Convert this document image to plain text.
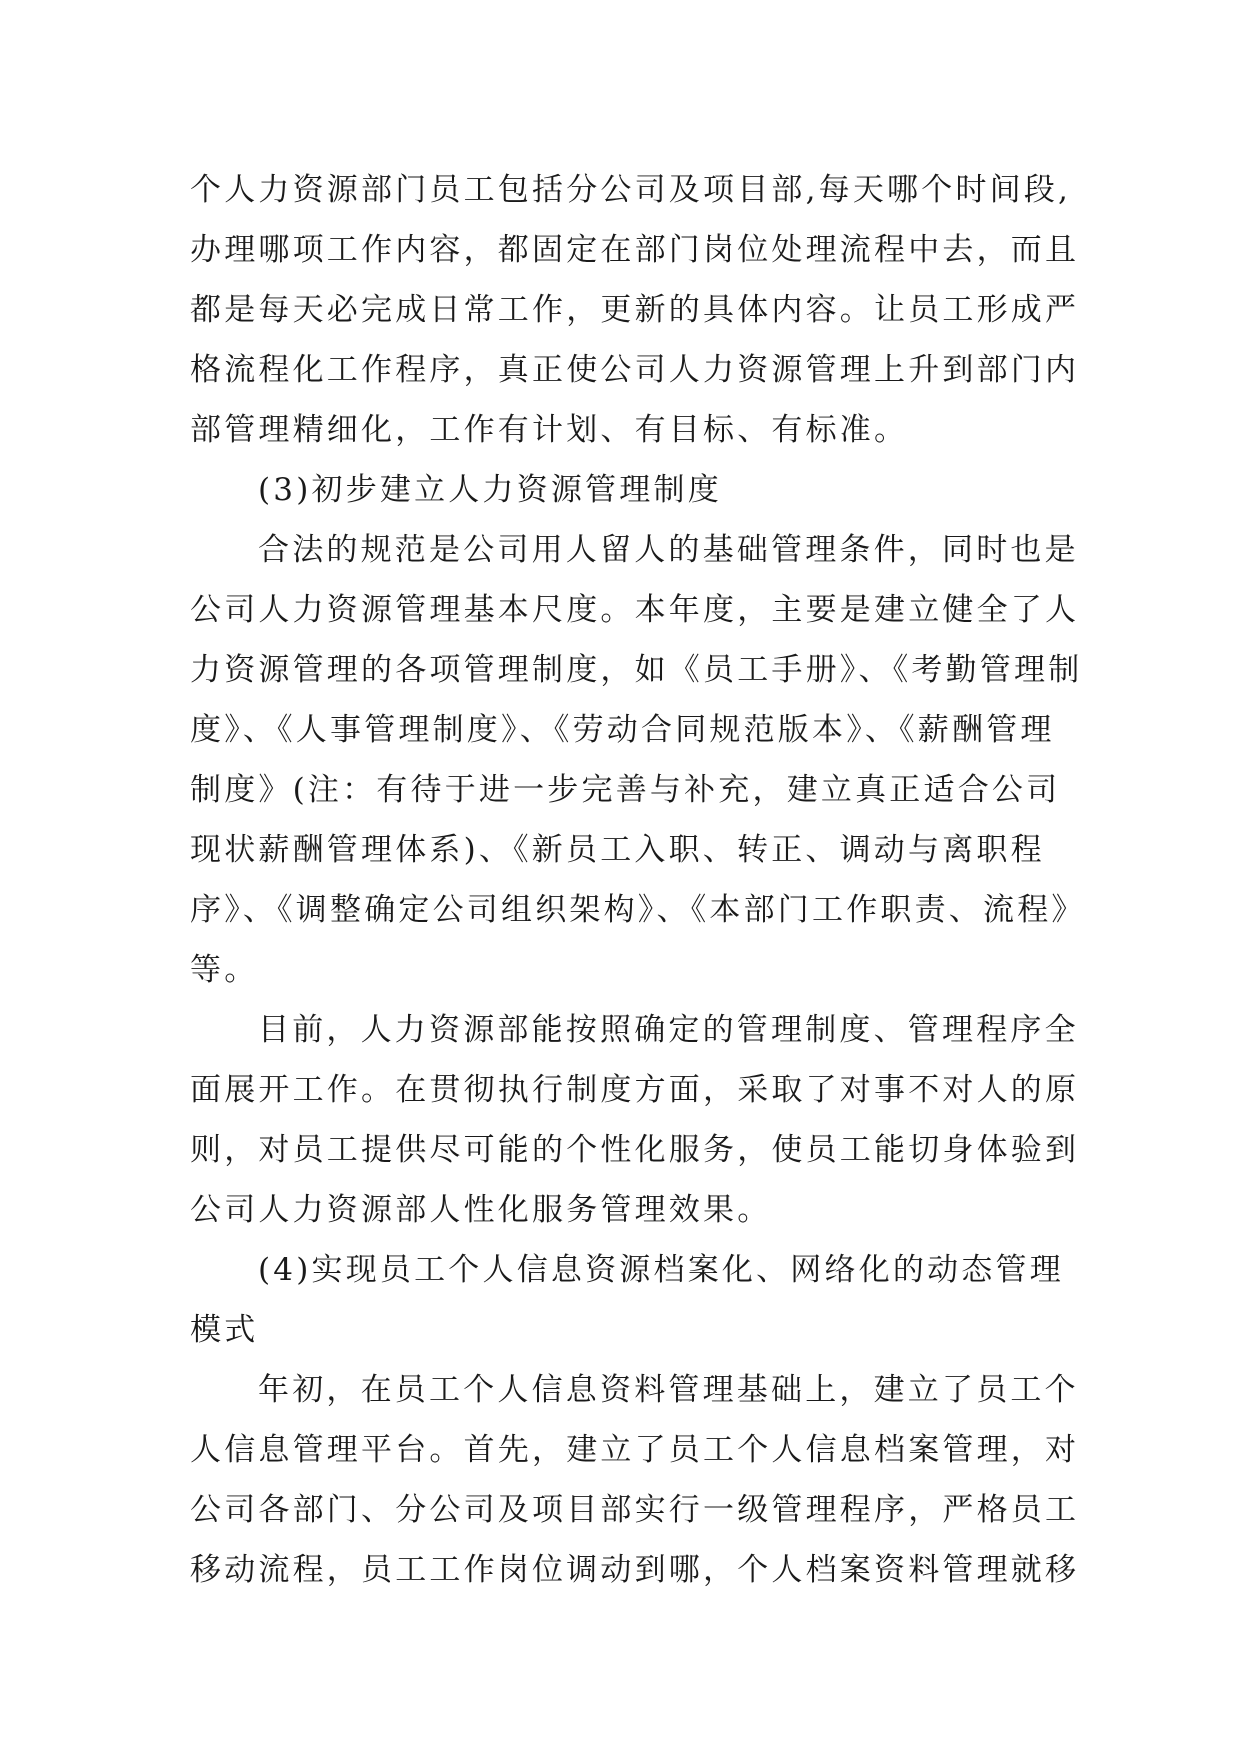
个人力资源部门员工包括分公司及项目部,每天哪个时间段,
办理哪项工作内容，都固定在部门岗位处理流程中去，而且
都是每天必完成日常工作，更新的具体内容。让员工形成严
格流程化工作程序，真正使公司人力资源管理上升到部门内
部管理精细化，工作有计划、有目标、有标准。
(3)初步建立人力资源管理制度
合法的规范是公司用人留人的基础管理条件，同时也是
公司人力资源管理基本尺度。本年度，主要是建立健全了人
力资源管理的各项管理制度，如《员工手册》、《考勤管理制
度》、《人事管理制度》、《劳动合同规范版本》、《薪酬管理
制度》(注：有待于进一步完善与补充，建立真正适合公司
现状薪酬管理体系)、《新员工入职、转正、调动与离职程
序》、《调整确定公司组织架构》、《本部门工作职责、流程》
等。
目前，人力资源部能按照确定的管理制度、管理程序全
面展开工作。在贯彻执行制度方面，采取了对事不对人的原
则，对员工提供尽可能的个性化服务，使员工能切身体验到
公司人力资源部人性化服务管理效果。
(4)实现员工个人信息资源档案化、网络化的动态管理
模式
年初，在员工个人信息资料管理基础上，建立了员工个
人信息管理平台。首先，建立了员工个人信息档案管理，对
公司各部门、分公司及项目部实行一级管理程序，严格员工
移动流程，员工工作岗位调动到哪，个人档案资料管理就移
